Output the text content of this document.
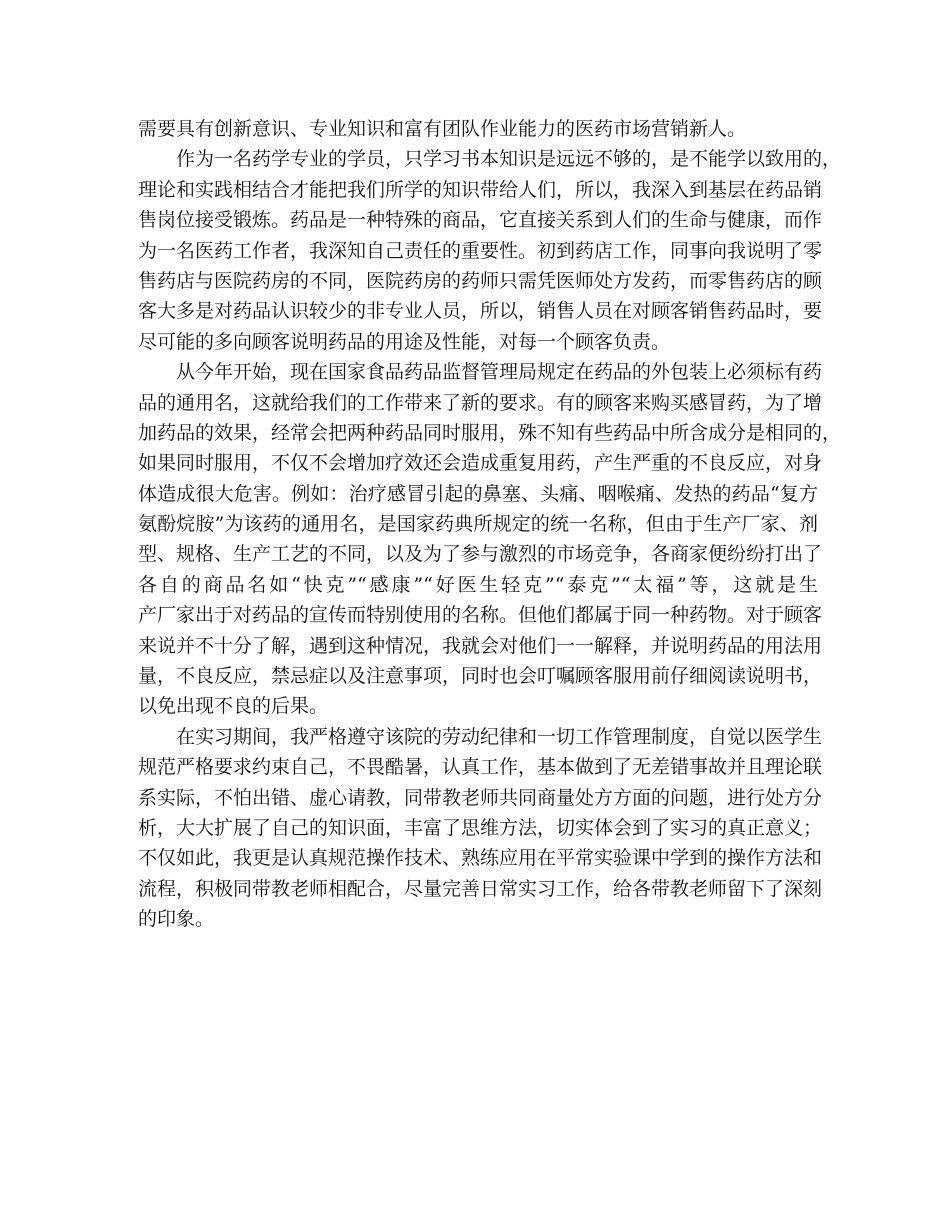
需要具有创新意识、专业知识和富有团队作业能力的医药市场营销新人。
作为一名药学专业的学员，只学习书本知识是远远不够的，是不能学以致用的，
理论和实践相结合才能把我们所学的知识带给人们，所以，我深入到基层在药品销
售岗位接受锻炼。药品是一种特殊的商品，它直接关系到人们的生命与健康，而作
为一名医药工作者，我深知自己责任的重要性。初到药店工作，同事向我说明了零
售药店与医院药房的不同，医院药房的药师只需凭医师处方发药，而零售药店的顾
客大多是对药品认识较少的非专业人员，所以，销售人员在对顾客销售药品时，要
尽可能的多向顾客说明药品的用途及性能，对每一个顾客负责。
从今年开始，现在国家食品药品监督管理局规定在药品的外包装上必须标有药
品的通用名，这就给我们的工作带来了新的要求。有的顾客来购买感冒药，为了增
加药品的效果，经常会把两种药品同时服用，殊不知有些药品中所含成分是相同的，
如果同时服用，不仅不会增加疗效还会造成重复用药，产生严重的不良反应，对身
体造成很大危害。例如：治疗感冒引起的鼻塞、头痛、咽喉痛、发热的药品“复方
氨酚烷胺”为该药的通用名，是国家药典所规定的统一名称，但由于生产厂家、剂
型、规格、生产工艺的不同，以及为了参与激烈的市场竞争，各商家便纷纷打出了
各自的商品名如“快克”“感康”“好医生轻克”“泰克”“太福”等，这就是生
产厂家出于对药品的宣传而特别使用的名称。但他们都属于同一种药物。对于顾客
来说并不十分了解，遇到这种情况，我就会对他们一一解释，并说明药品的用法用
量，不良反应，禁忌症以及注意事项，同时也会叮嘱顾客服用前仔细阅读说明书，
以免出现不良的后果。
在实习期间，我严格遵守该院的劳动纪律和一切工作管理制度，自觉以医学生
规范严格要求约束自己，不畏酷暑，认真工作，基本做到了无差错事故并且理论联
系实际，不怕出错、虚心请教，同带教老师共同商量处方方面的问题，进行处方分
析，大大扩展了自己的知识面，丰富了思维方法，切实体会到了实习的真正意义；
不仅如此，我更是认真规范操作技术、熟练应用在平常实验课中学到的操作方法和
流程，积极同带教老师相配合，尽量完善日常实习工作，给各带教老师留下了深刻
的印象。
